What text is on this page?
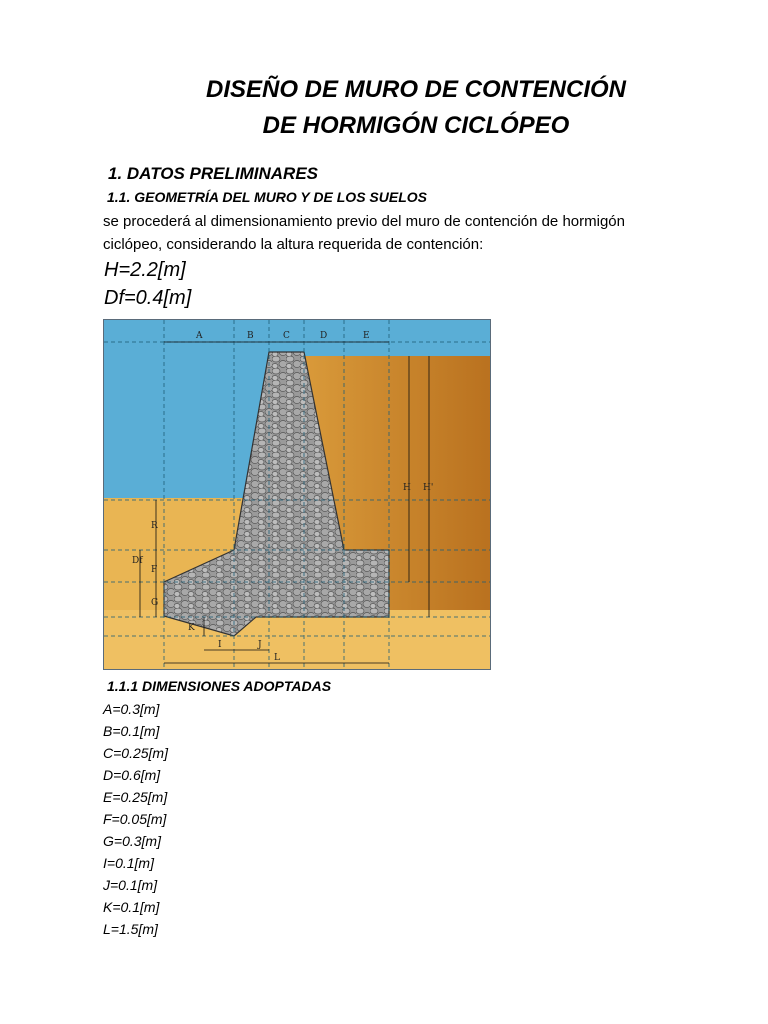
DISEÑO DE MURO DE CONTENCIÓN
DE HORMIGÓN CICLÓPEO
1. DATOS PRELIMINARES
1.1. GEOMETRÍA DEL MURO Y DE LOS SUELOS

se procederá al dimensionamiento previo del muro de contención de hormigón ciclópeo, considerando la altura requerida de contención:

H=2.2[m]

Df=0.4[m]

A	B	C	D	E
H H'
R
Df
F
G
K
I	J
L
1.1.1 DIMENSIONES ADOPTADAS
A=0.3[m]
B=0.1[m]
C=0.25[m]
D=0.6[m]
E=0.25[m]
F=0.05[m]
G=0.3[m]
I=0.1[m]
J=0.1[m]
K=0.1[m]
L=1.5[m]
